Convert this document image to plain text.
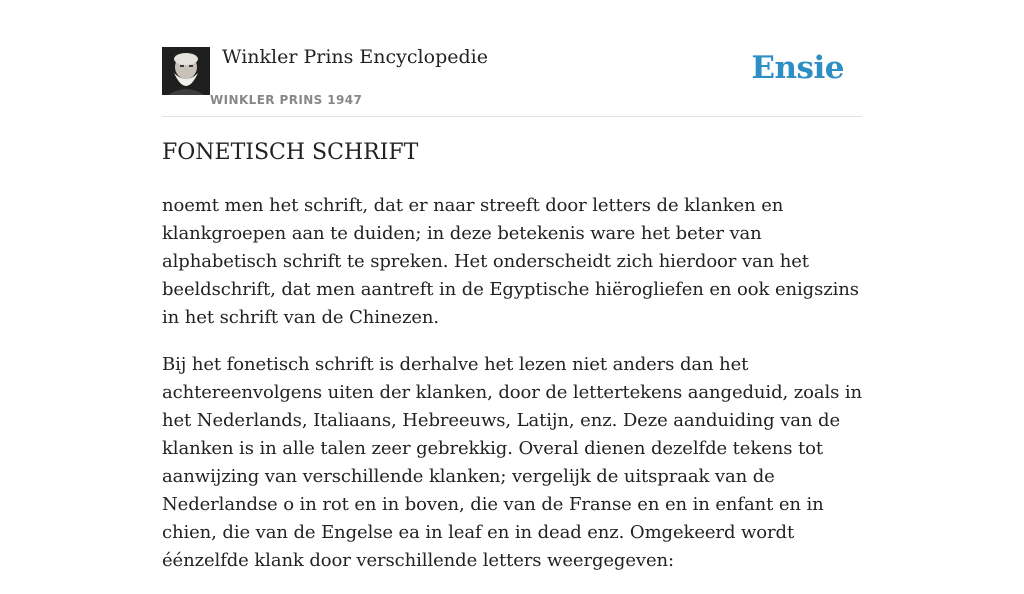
Winkler Prins Encyclopedie
WINKLER PRINS 1947
Ensie
FONETISCH SCHRIFT

noemt men het schrift, dat er naar streeft door letters de klanken en klankgroepen aan te duiden; in deze betekenis ware het beter van alphabetisch schrift te spreken. Het onderscheidt zich hierdoor van het beeldschrift, dat men aantreft in de Egyptische hiërogliefen en ook enigszins in het schrift van de Chinezen.

Bij het fonetisch schrift is derhalve het lezen niet anders dan het achtereenvolgens uiten der klanken, door de lettertekens aangeduid, zoals in het Nederlands, Italiaans, Hebreeuws, Latijn, enz. Deze aanduiding van de klanken is in alle talen zeer gebrekkig. Overal dienen dezelfde tekens tot aanwijzing van verschillende klanken; vergelijk de uitspraak van de Nederlandse o in rot en in boven, die van de Franse en en in enfant en in chien, die van de Engelse ea in leaf en in dead enz. Omgekeerd wordt éénzelfde klank door verschillende letters weergegeven:
